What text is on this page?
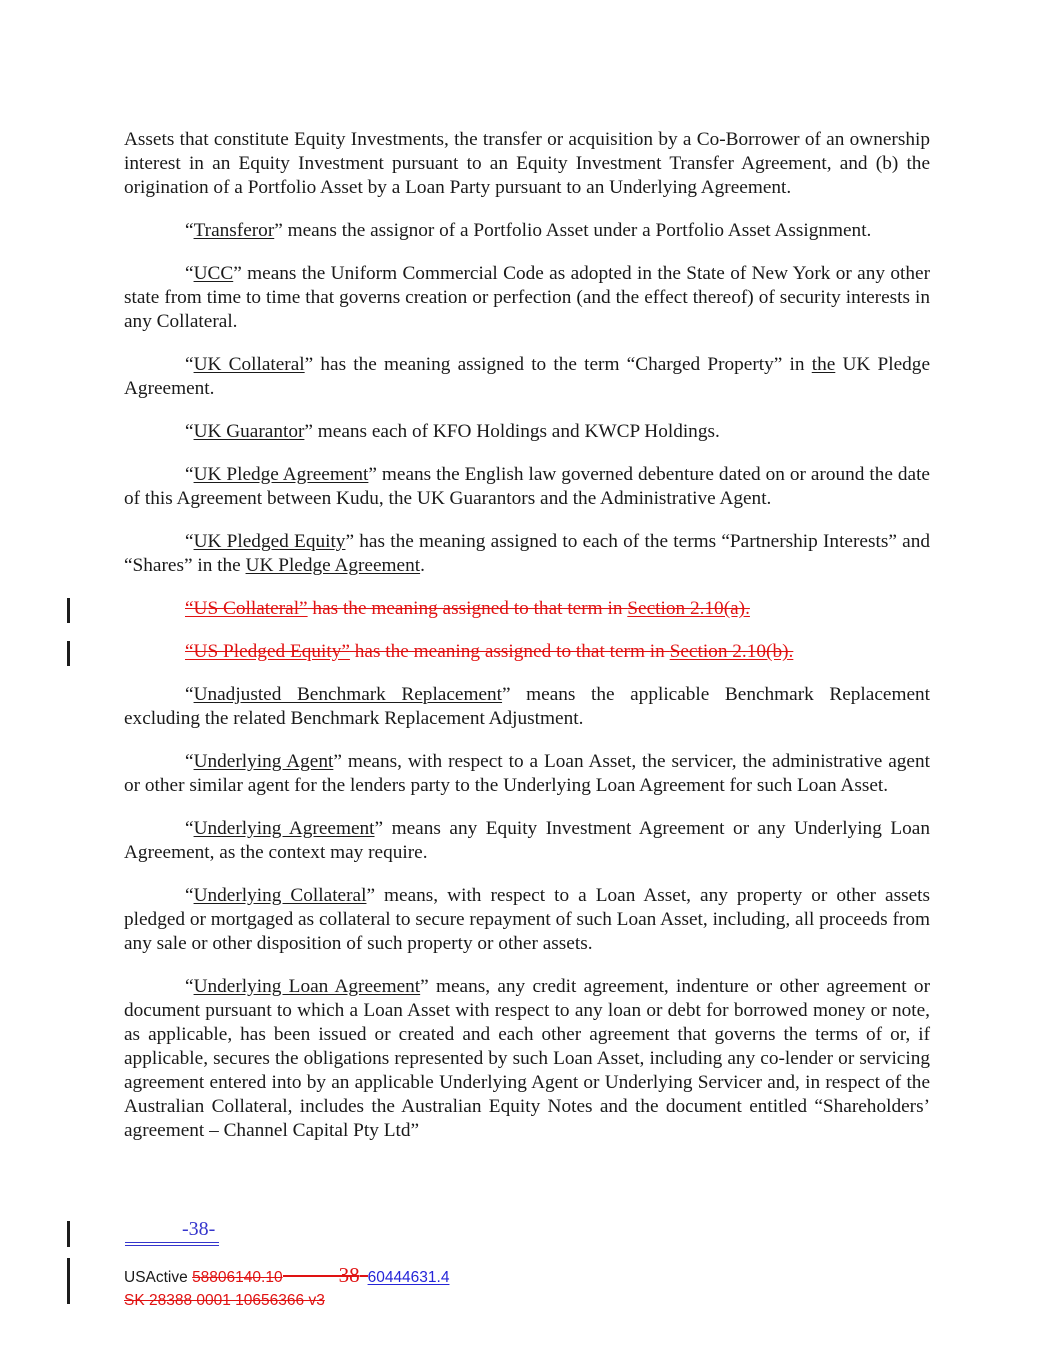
Assets that constitute Equity Investments, the transfer or acquisition by a Co-Borrower of an ownership interest in an Equity Investment pursuant to an Equity Investment Transfer Agreement, and (b) the origination of a Portfolio Asset by a Loan Party pursuant to an Underlying Agreement.

“Transferor” means the assignor of a Portfolio Asset under a Portfolio Asset Assignment.

“UCC” means the Uniform Commercial Code as adopted in the State of New York or any other state from time to time that governs creation or perfection (and the effect thereof) of security interests in any Collateral.

“UK Collateral” has the meaning assigned to the term “Charged Property” in the UK Pledge Agreement.

“UK Guarantor” means each of KFO Holdings and KWCP Holdings.

“UK Pledge Agreement” means the English law governed debenture dated on or around the date of this Agreement between Kudu, the UK Guarantors and the Administrative Agent.

“UK Pledged Equity” has the meaning assigned to each of the terms “Partnership Interests” and “Shares” in the UK Pledge Agreement.

“US Collateral” has the meaning assigned to that term in Section 2.10(a).

“US Pledged Equity” has the meaning assigned to that term in Section 2.10(b).

“Unadjusted Benchmark Replacement” means the applicable Benchmark Replacement excluding the related Benchmark Replacement Adjustment.

“Underlying Agent” means, with respect to a Loan Asset, the servicer, the administrative agent or other similar agent for the lenders party to the Underlying Loan Agreement for such Loan Asset.

“Underlying Agreement” means any Equity Investment Agreement or any Underlying Loan Agreement, as the context may require.

“Underlying Collateral” means, with respect to a Loan Asset, any property or other assets pledged or mortgaged as collateral to secure repayment of such Loan Asset, including, all proceeds from any sale or other disposition of such property or other assets.

“Underlying Loan Agreement” means, any credit agreement, indenture or other agreement or document pursuant to which a Loan Asset with respect to any loan or debt for borrowed money or note, as applicable, has been issued or created and each other agreement that governs the terms of or, if applicable, secures the obligations represented by such Loan Asset, including any co-lender or servicing agreement entered into by an applicable Underlying Agent or Underlying Servicer and, in respect of the Australian Collateral, includes the Australian Equity Notes and the document entitled “Shareholders’ agreement – Channel Capital Pty Ltd”

-38-
USActive 58806140.10	38 60444631.4
SK 28388 0001 10656366 v3
